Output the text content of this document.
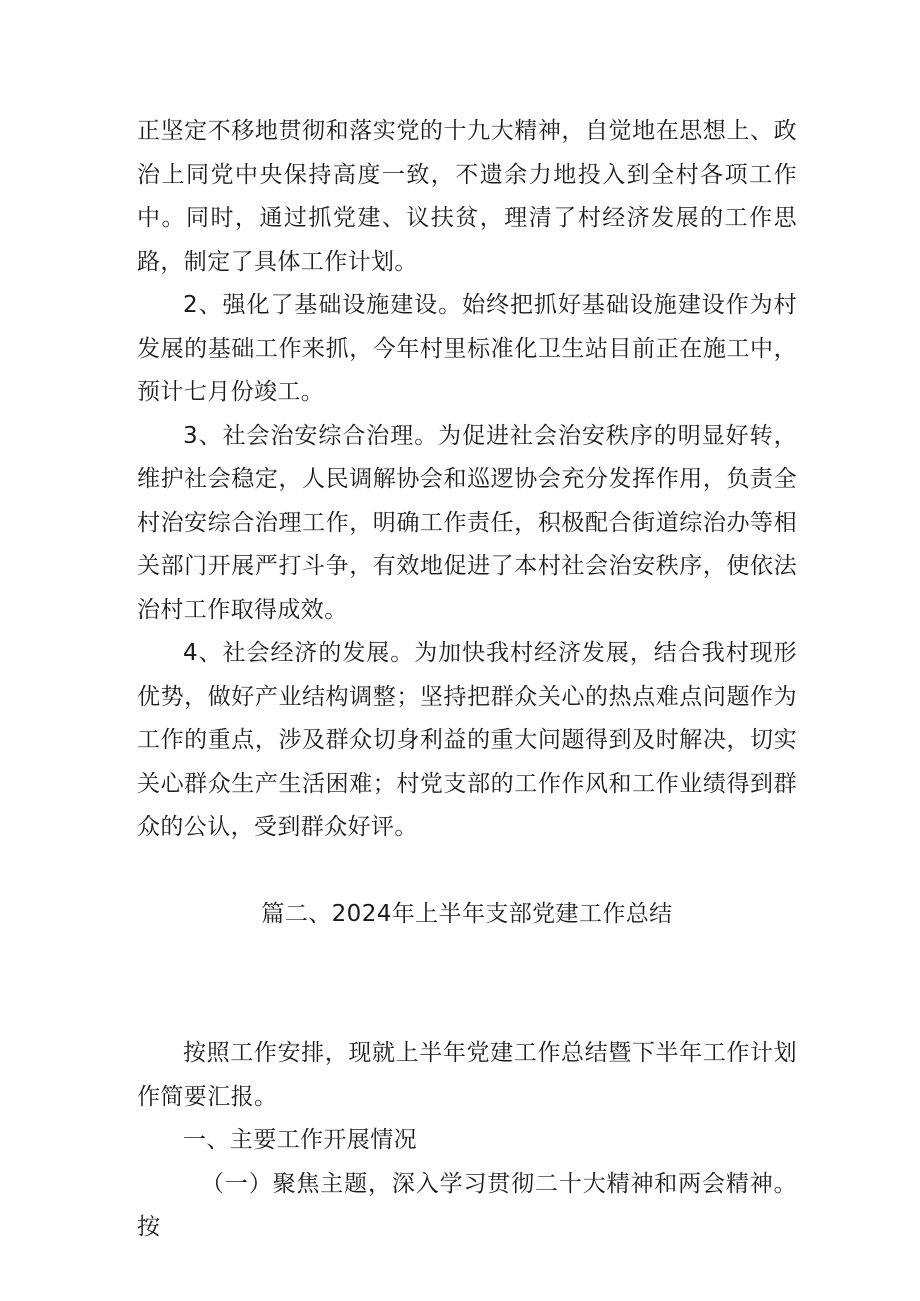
正坚定不移地贯彻和落实党的十九大精神，自觉地在思想上、政治上同党中央保持高度一致，不遗余力地投入到全村各项工作中。同时，通过抓党建、议扶贫，理清了村经济发展的工作思路，制定了具体工作计划。

2、强化了基础设施建设。始终把抓好基础设施建设作为村发展的基础工作来抓，今年村里标准化卫生站目前正在施工中，预计七月份竣工。

3、社会治安综合治理。为促进社会治安秩序的明显好转，维护社会稳定，人民调解协会和巡逻协会充分发挥作用，负责全村治安综合治理工作，明确工作责任，积极配合街道综治办等相关部门开展严打斗争，有效地促进了本村社会治安秩序，使依法治村工作取得成效。

4、社会经济的发展。为加快我村经济发展，结合我村现形优势，做好产业结构调整；坚持把群众关心的热点难点问题作为工作的重点，涉及群众切身利益的重大问题得到及时解决，切实关心群众生产生活困难；村党支部的工作作风和工作业绩得到群众的公认，受到群众好评。

篇二、2024年上半年支部党建工作总结

按照工作安排，现就上半年党建工作总结暨下半年工作计划作简要汇报。

一、主要工作开展情况

（一）聚焦主题，深入学习贯彻二十大精神和两会精神。按
